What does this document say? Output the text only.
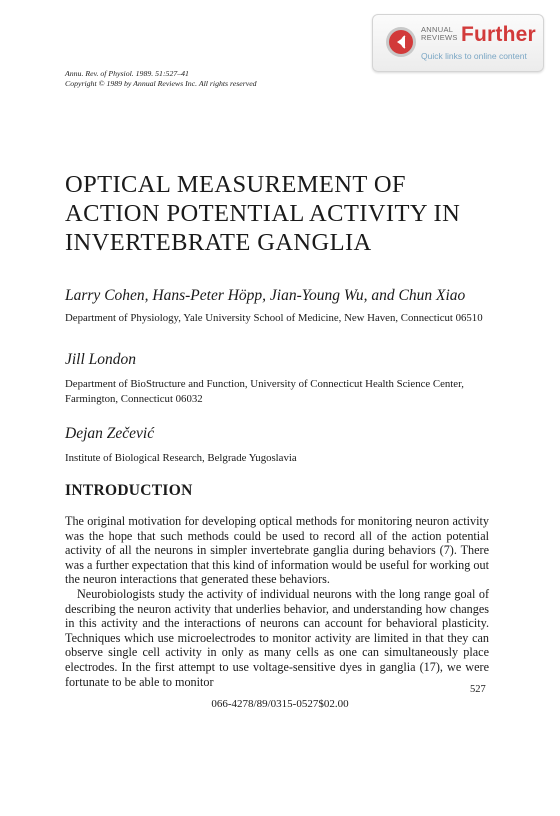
ANNUAL
REVIEWS Further
Quick links to online content
Annu. Rev. of Physiol. 1989. 51:527–41
Copyright © 1989 by Annual Reviews Inc. All rights reserved
OPTICAL MEASUREMENT OF
ACTION POTENTIAL ACTIVITY IN
INVERTEBRATE GANGLIA

Larry Cohen, Hans-Peter Höpp, Jian-Young Wu, and Chun Xiao

Department of Physiology, Yale University School of Medicine, New Haven, Connecticut 06510

Jill London

Department of BioStructure and Function, University of Connecticut Health Science Center, Farmington, Connecticut 06032

Dejan Zečević

Institute of Biological Research, Belgrade Yugoslavia

INTRODUCTION

The original motivation for developing optical methods for monitoring neuron activity was the hope that such methods could be used to record all of the action potential activity of all the neurons in simpler invertebrate ganglia during behaviors (7). There was a further expectation that this kind of information would be useful for working out the neuron interactions that generated these behaviors.

Neurobiologists study the activity of individual neurons with the long range goal of describing the neuron activity that underlies behavior, and understanding how changes in this activity and the interactions of neurons can account for behavioral plasticity. Techniques which use microelectrodes to monitor activity are limited in that they can observe single cell activity in only as many cells as one can simultaneously place electrodes. In the first attempt to use voltage-sensitive dyes in ganglia (17), we were fortunate to be able to monitor

527
066-4278/89/0315-0527$02.00
